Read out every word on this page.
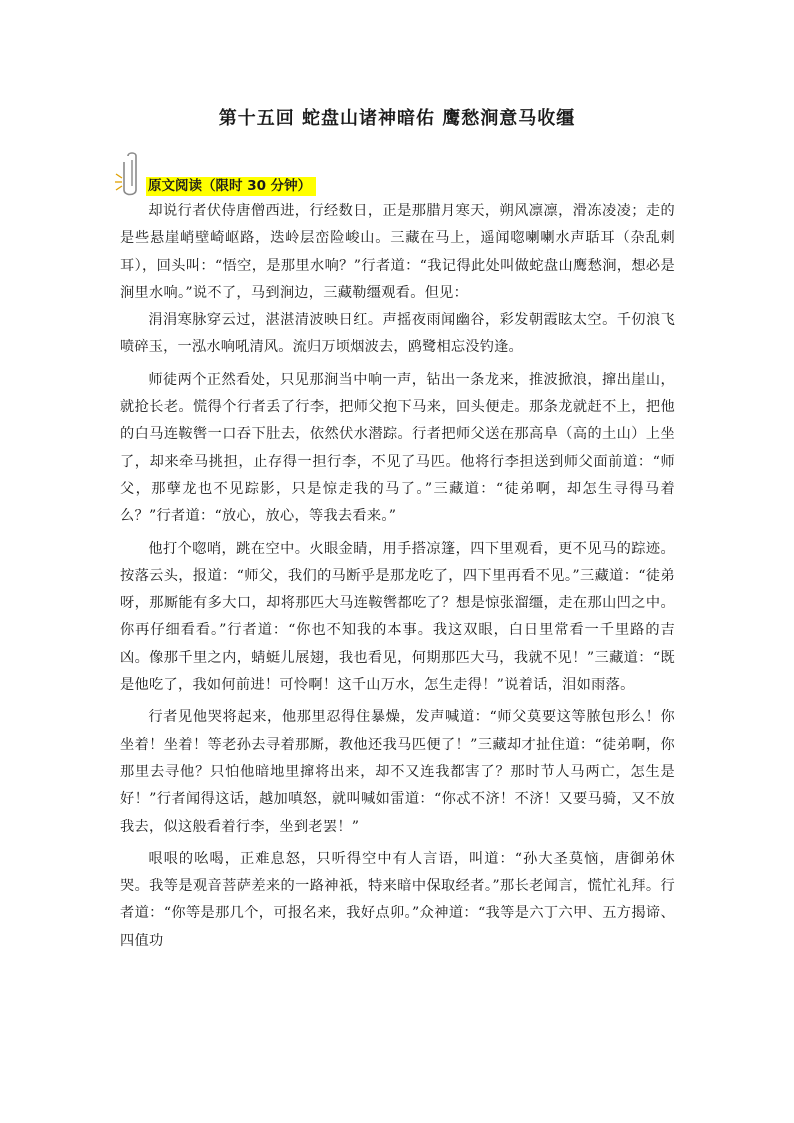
第十五回 蛇盘山诸神暗佑 鹰愁涧意马收缰
原文阅读（限时 30 分钟）

却说行者伏侍唐僧西进，行经数日，正是那腊月寒天，朔风凛凛，滑冻凌凌；走的是些悬崖峭壁崎岖路，迭岭层峦险峻山。三藏在马上，遥闻唿喇喇水声聒耳（杂乱刺耳），回头叫：“悟空，是那里水响？”行者道：“我记得此处叫做蛇盘山鹰愁涧，想必是涧里水响。”说不了，马到涧边，三藏勒缰观看。但见：

涓涓寒脉穿云过，湛湛清波映日红。声摇夜雨闻幽谷，彩发朝霞眩太空。千仞浪飞喷碎玉，一泓水响吼清风。流归万顷烟波去，鸥鹭相忘没钓逢。

师徒两个正然看处，只见那涧当中响一声，钻出一条龙来，推波掀浪，撺出崖山，就抢长老。慌得个行者丢了行李，把师父抱下马来，回头便走。那条龙就赶不上，把他的白马连鞍辔一口吞下肚去，依然伏水潜踪。行者把师父送在那高阜（高的土山）上坐了，却来牵马挑担，止存得一担行李，不见了马匹。他将行李担送到师父面前道：“师父，那孽龙也不见踪影，只是惊走我的马了。”三藏道：“徒弟啊，却怎生寻得马着么？”行者道：“放心，放心，等我去看来。”

他打个唿哨，跳在空中。火眼金睛，用手搭凉篷，四下里观看，更不见马的踪迹。按落云头，报道：“师父，我们的马断乎是那龙吃了，四下里再看不见。”三藏道：“徒弟呀，那厮能有多大口，却将那匹大马连鞍辔都吃了？想是惊张溜缰，走在那山凹之中。你再仔细看看。”行者道：“你也不知我的本事。我这双眼，白日里常看一千里路的吉凶。像那千里之内，蜻蜓儿展翅，我也看见，何期那匹大马，我就不见！”三藏道：“既是他吃了，我如何前进！可怜啊！这千山万水，怎生走得！”说着话，泪如雨落。

行者见他哭将起来，他那里忍得住暴燥，发声喊道：“师父莫要这等脓包形么！你坐着！坐着！等老孙去寻着那厮，教他还我马匹便了！”三藏却才扯住道：“徒弟啊，你那里去寻他？只怕他暗地里撺将出来，却不又连我都害了？那时节人马两亡，怎生是好！”行者闻得这话，越加嗔怒，就叫喊如雷道：“你忒不济！不济！又要马骑，又不放我去，似这般看着行李，坐到老罢！”

哏哏的吆喝，正难息怒，只听得空中有人言语，叫道：“孙大圣莫恼，唐御弟休哭。我等是观音菩萨差来的一路神祇，特来暗中保取经者。”那长老闻言，慌忙礼拜。行者道：“你等是那几个，可报名来，我好点卯。”众神道：“我等是六丁六甲、五方揭谛、四值功
